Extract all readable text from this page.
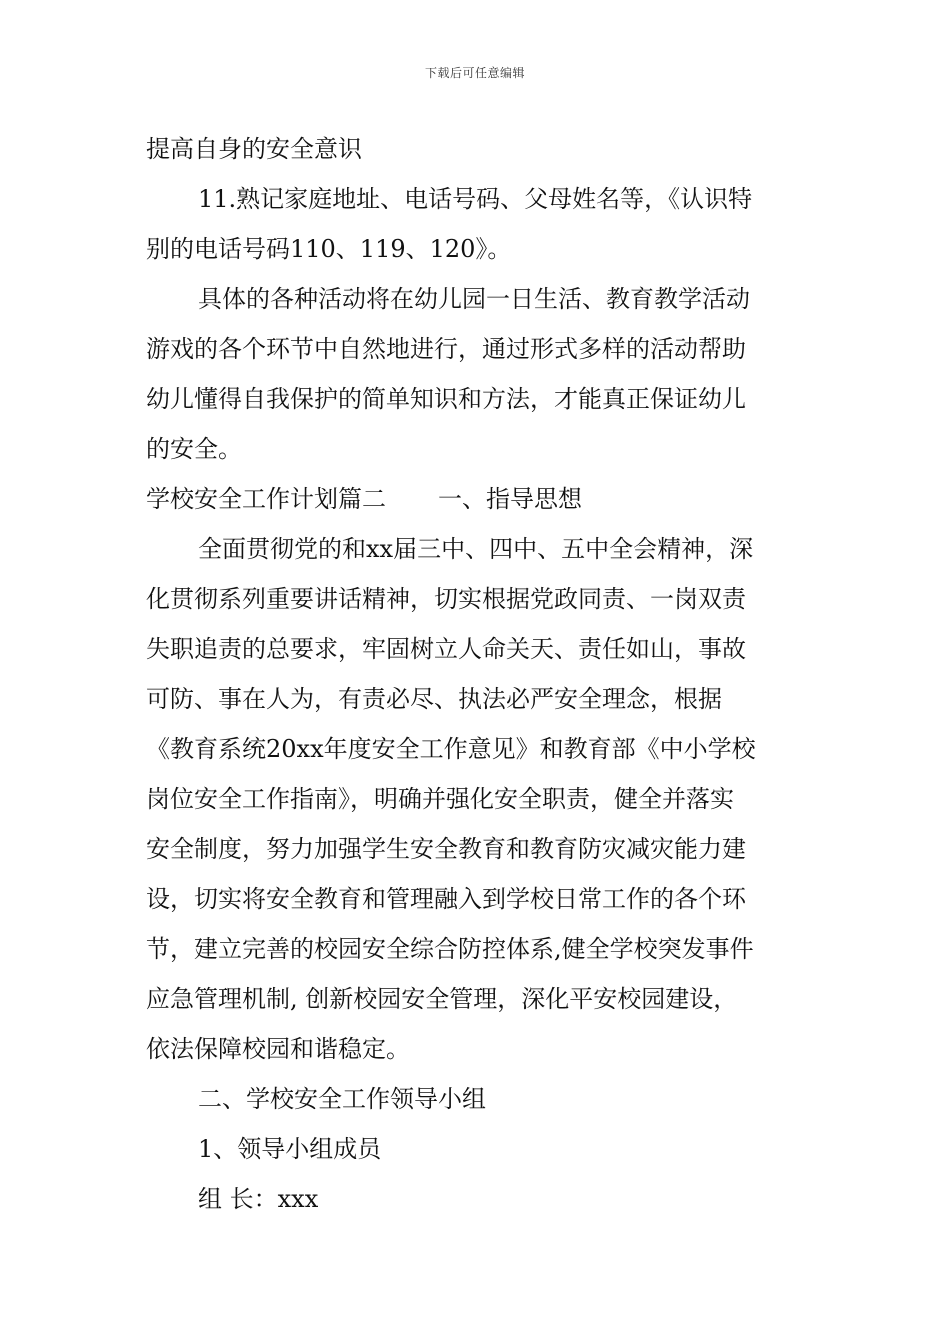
下载后可任意编辑
提高自身的安全意识
11.熟记家庭地址、电话号码、父母姓名等，《认识特
别的电话号码110、119、120》。
具体的各种活动将在幼儿园一日生活、教育教学活动
游戏的各个环节中自然地进行，通过形式多样的活动帮助
幼儿懂得自我保护的简单知识和方法，才能真正保证幼儿
的安全。
学校安全工作计划篇二 一、指导思想
全面贯彻党的和xx届三中、四中、五中全会精神，深
化贯彻系列重要讲话精神，切实根据党政同责、一岗双责
失职追责的总要求，牢固树立人命关天、责任如山，事故
可防、事在人为，有责必尽、执法必严安全理念，根据
《教育系统20xx年度安全工作意见》和教育部《中小学校
岗位安全工作指南》，明确并强化安全职责，健全并落实
安全制度，努力加强学生安全教育和教育防灾减灾能力建
设，切实将安全教育和管理融入到学校日常工作的各个环
节，建立完善的校园安全综合防控体系,健全学校突发事件
应急管理机制, 创新校园安全管理，深化平安校园建设，
依法保障校园和谐稳定。
二、学校安全工作领导小组
1、领导小组成员
组 长：xxx
